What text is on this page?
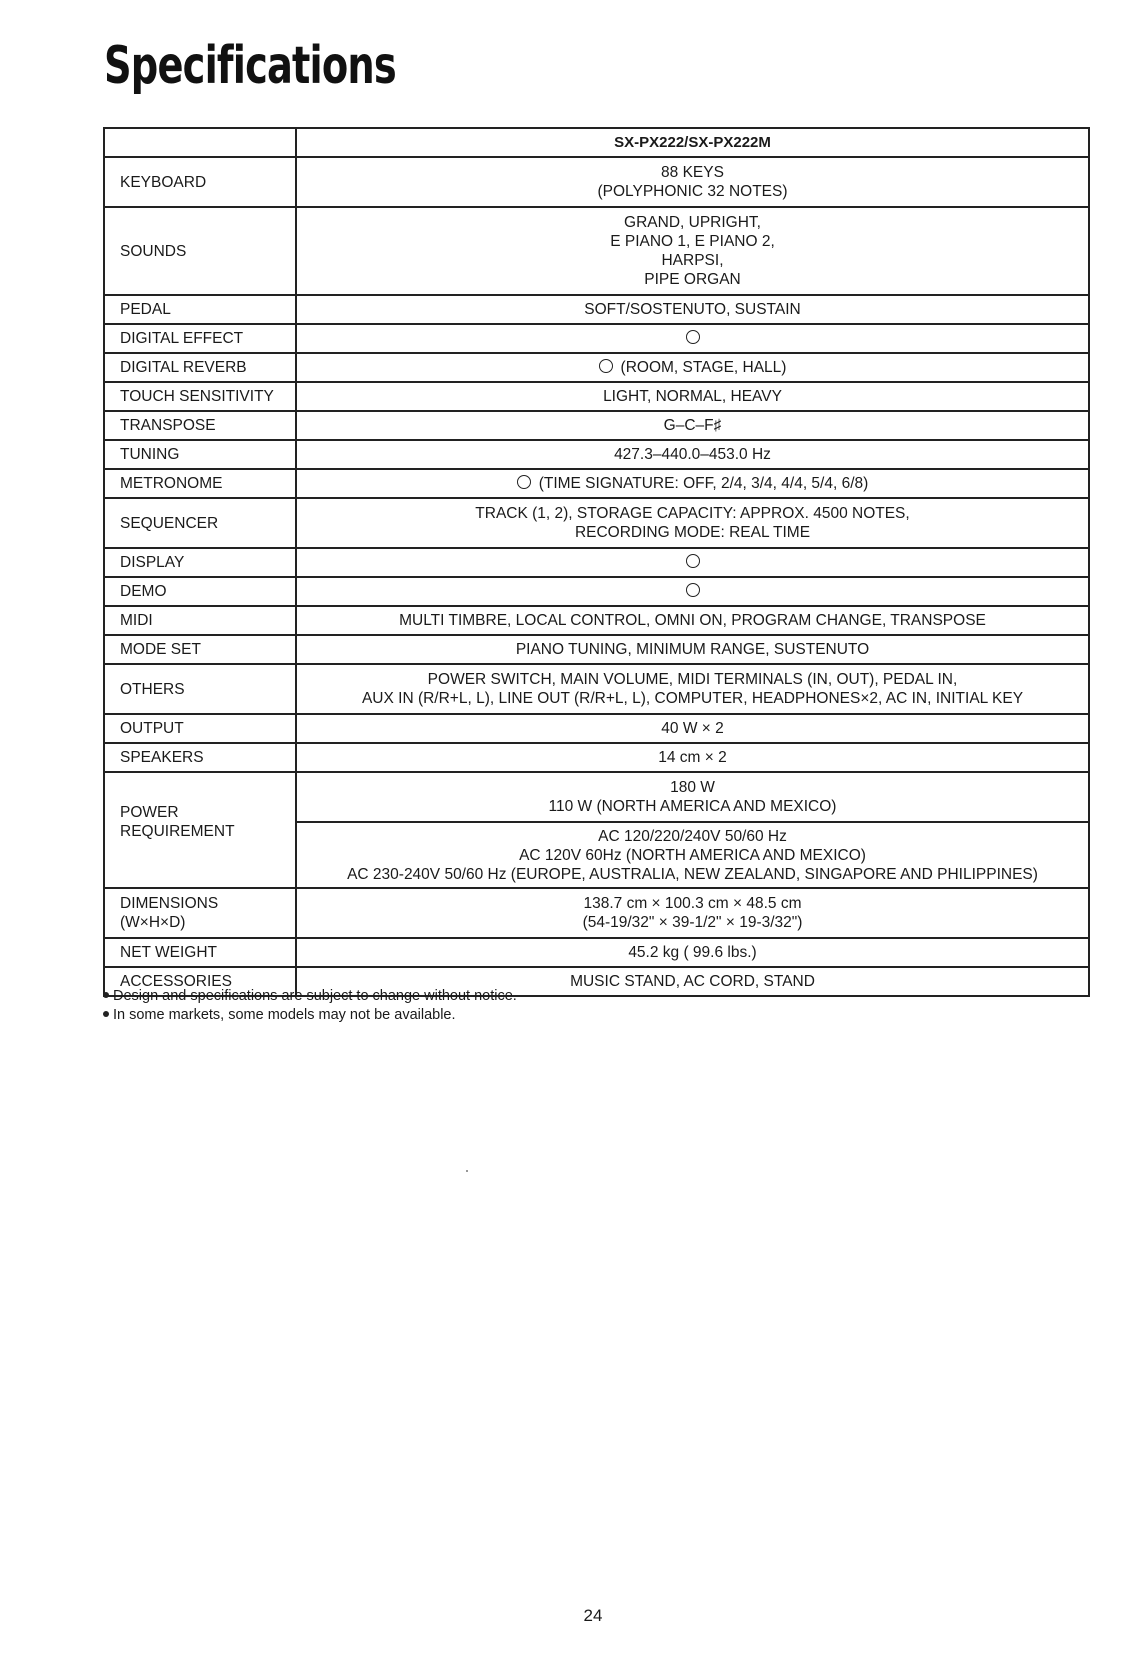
Specifications
	SX-PX222/SX-PX222M
KEYBOARD	88 KEYS
(POLYPHONIC 32 NOTES)

SOUNDS	GRAND, UPRIGHT,
E PIANO 1, E PIANO 2,
HARPSI,
PIPE ORGAN

PEDAL	SOFT/SOSTENUTO, SUSTAIN
DIGITAL EFFECT	
DIGITAL REVERB	(ROOM, STAGE, HALL)
TOUCH SENSITIVITY	LIGHT, NORMAL, HEAVY
TRANSPOSE	G–C–F♯
TUNING	427.3–440.0–453.0 Hz
METRONOME	(TIME SIGNATURE: OFF, 2/4, 3/4, 4/4, 5/4, 6/8)
SEQUENCER	TRACK (1, 2), STORAGE CAPACITY: APPROX. 4500 NOTES,
RECORDING MODE: REAL TIME

DISPLAY	
DEMO	
MIDI	MULTI TIMBRE, LOCAL CONTROL, OMNI ON, PROGRAM CHANGE, TRANSPOSE
MODE SET	PIANO TUNING, MINIMUM RANGE, SUSTENUTO
OTHERS	POWER SWITCH, MAIN VOLUME, MIDI TERMINALS (IN, OUT), PEDAL IN,
AUX IN (R/R+L, L), LINE OUT (R/R+L, L), COMPUTER, HEADPHONES×2, AC IN, INITIAL KEY

OUTPUT	40 W × 2
SPEAKERS	14 cm × 2

POWER
REQUIREMENT	180 W
110 W (NORTH AMERICA AND MEXICO)

	AC 120/220/240V 50/60 Hz
AC 120V 60Hz (NORTH AMERICA AND MEXICO)
AC 230-240V 50/60 Hz (EUROPE, AUSTRALIA, NEW ZEALAND, SINGAPORE AND PHILIPPINES)

DIMENSIONS
(W×H×D)	138.7 cm × 100.3 cm × 48.5 cm
(54-19/32" × 39-1/2" × 19-3/32")

NET WEIGHT	45.2 kg ( 99.6 lbs.)
ACCESSORIES	MUSIC STAND, AC CORD, STAND
Design and specifications are subject to change without notice.
In some markets, some models may not be available.
24
